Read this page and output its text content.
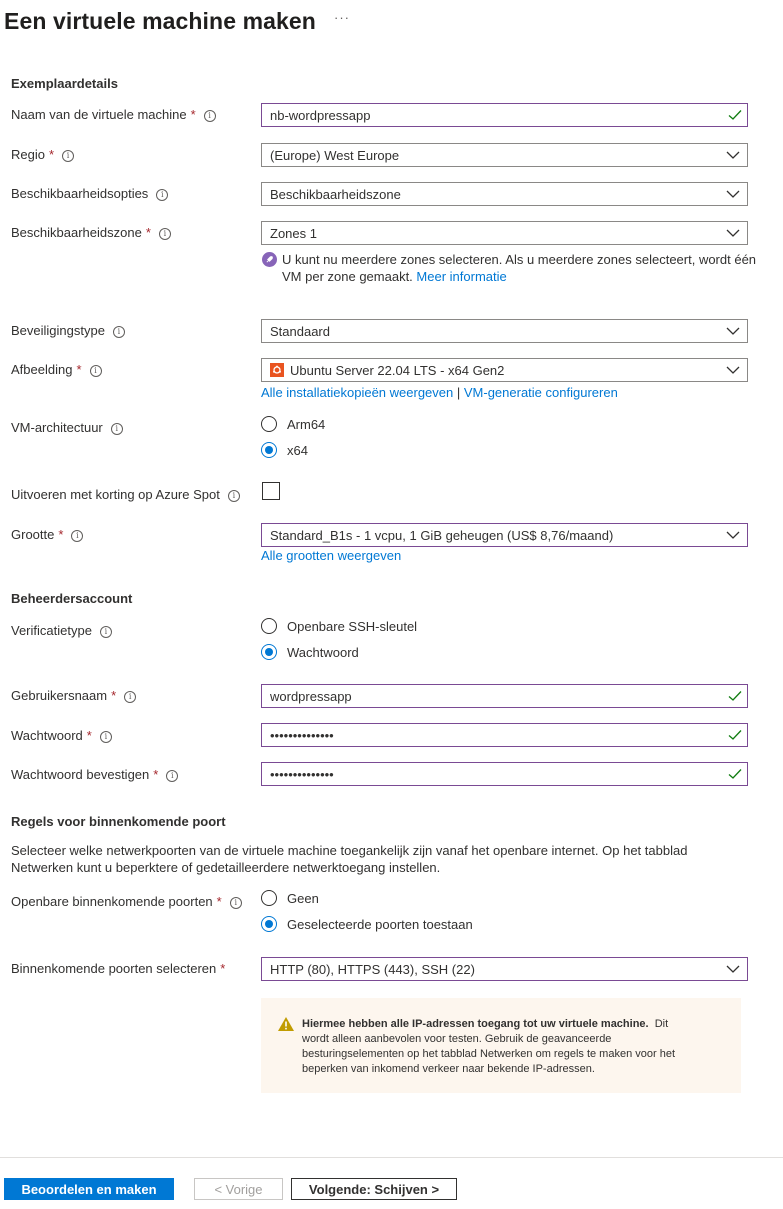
Een virtuele machine maken ···
Exemplaardetails
Naam van de virtuele machine * i	nb-wordpressapp
Regio * i	(Europe) West Europe
Beschikbaarheidsopties i	Beschikbaarheidszone
Beschikbaarheidszone * i	Zones 1
U kunt nu meerdere zones selecteren. Als u meerdere zones selecteert, wordt één
VM per zone gemaakt. Meer informatie
Beveiligingstype i	Standaard
Afbeelding * i	Ubuntu Server 22.04 LTS - x64 Gen2
Alle installatiekopieën weergeven | VM-generatie configureren
VM-architectuur i	Arm64
x64
Uitvoeren met korting op Azure Spot i
Grootte * i	Standard_B1s - 1 vcpu, 1 GiB geheugen (US$ 8,76/maand)
Alle grootten weergeven
Beheerdersaccount
Verificatietype i	Openbare SSH-sleutel
Wachtwoord
Gebruikersnaam * i	wordpressapp
Wachtwoord * i	••••••••••••••
Wachtwoord bevestigen * i	••••••••••••••
Regels voor binnenkomende poort
Selecteer welke netwerkpoorten van de virtuele machine toegankelijk zijn vanaf het openbare internet. Op het tabblad
Netwerken kunt u beperktere of gedetailleerdere netwerktoegang instellen.
Openbare binnenkomende poorten * i	Geen
Geselecteerde poorten toestaan
Binnenkomende poorten selecteren *	HTTP (80), HTTPS (443), SSH (22)
Hiermee hebben alle IP-adressen toegang tot uw virtuele machine. Dit
wordt alleen aanbevolen voor testen. Gebruik de geavanceerde
besturingselementen op het tabblad Netwerken om regels te maken voor het
beperken van inkomend verkeer naar bekende IP-adressen.
Beoordelen en maken	< Vorige	Volgende: Schijven >
